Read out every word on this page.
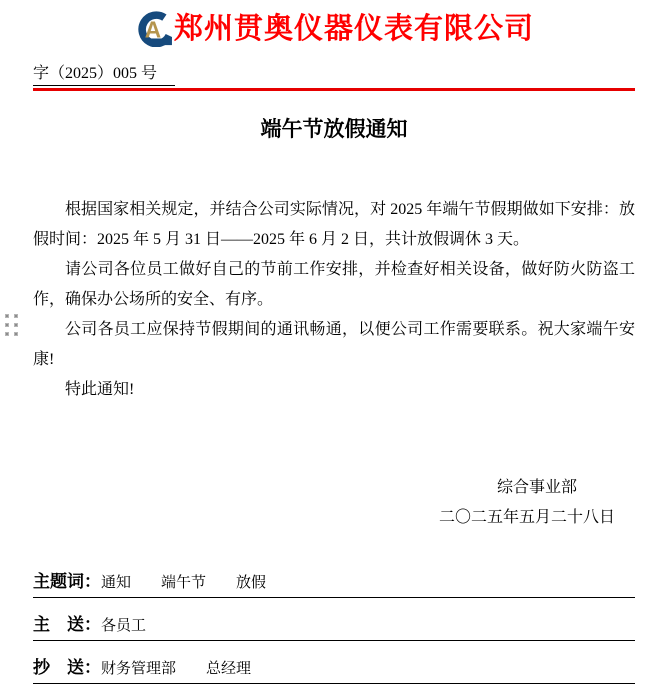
A 郑州贯奥仪器仪表有限公司
字（2025）005 号
端午节放假通知

根据国家相关规定，并结合公司实际情况，对 2025 年端午节假期做如下安排：放假时间：2025 年 5 月 31 日——2025 年 6 月 2 日，共计放假调休 3 天。

请公司各位员工做好自己的节前工作安排，并检查好相关设备，做好防火防盗工作，确保办公场所的安全、有序。

公司各员工应保持节假期间的通讯畅通，以便公司工作需要联系。祝大家端午安康!

特此通知!

综合事业部
二〇二五年五月二十八日
主题词：通知　　端午节　　放假
主　送：各员工
抄　送：财务管理部　　总经理
